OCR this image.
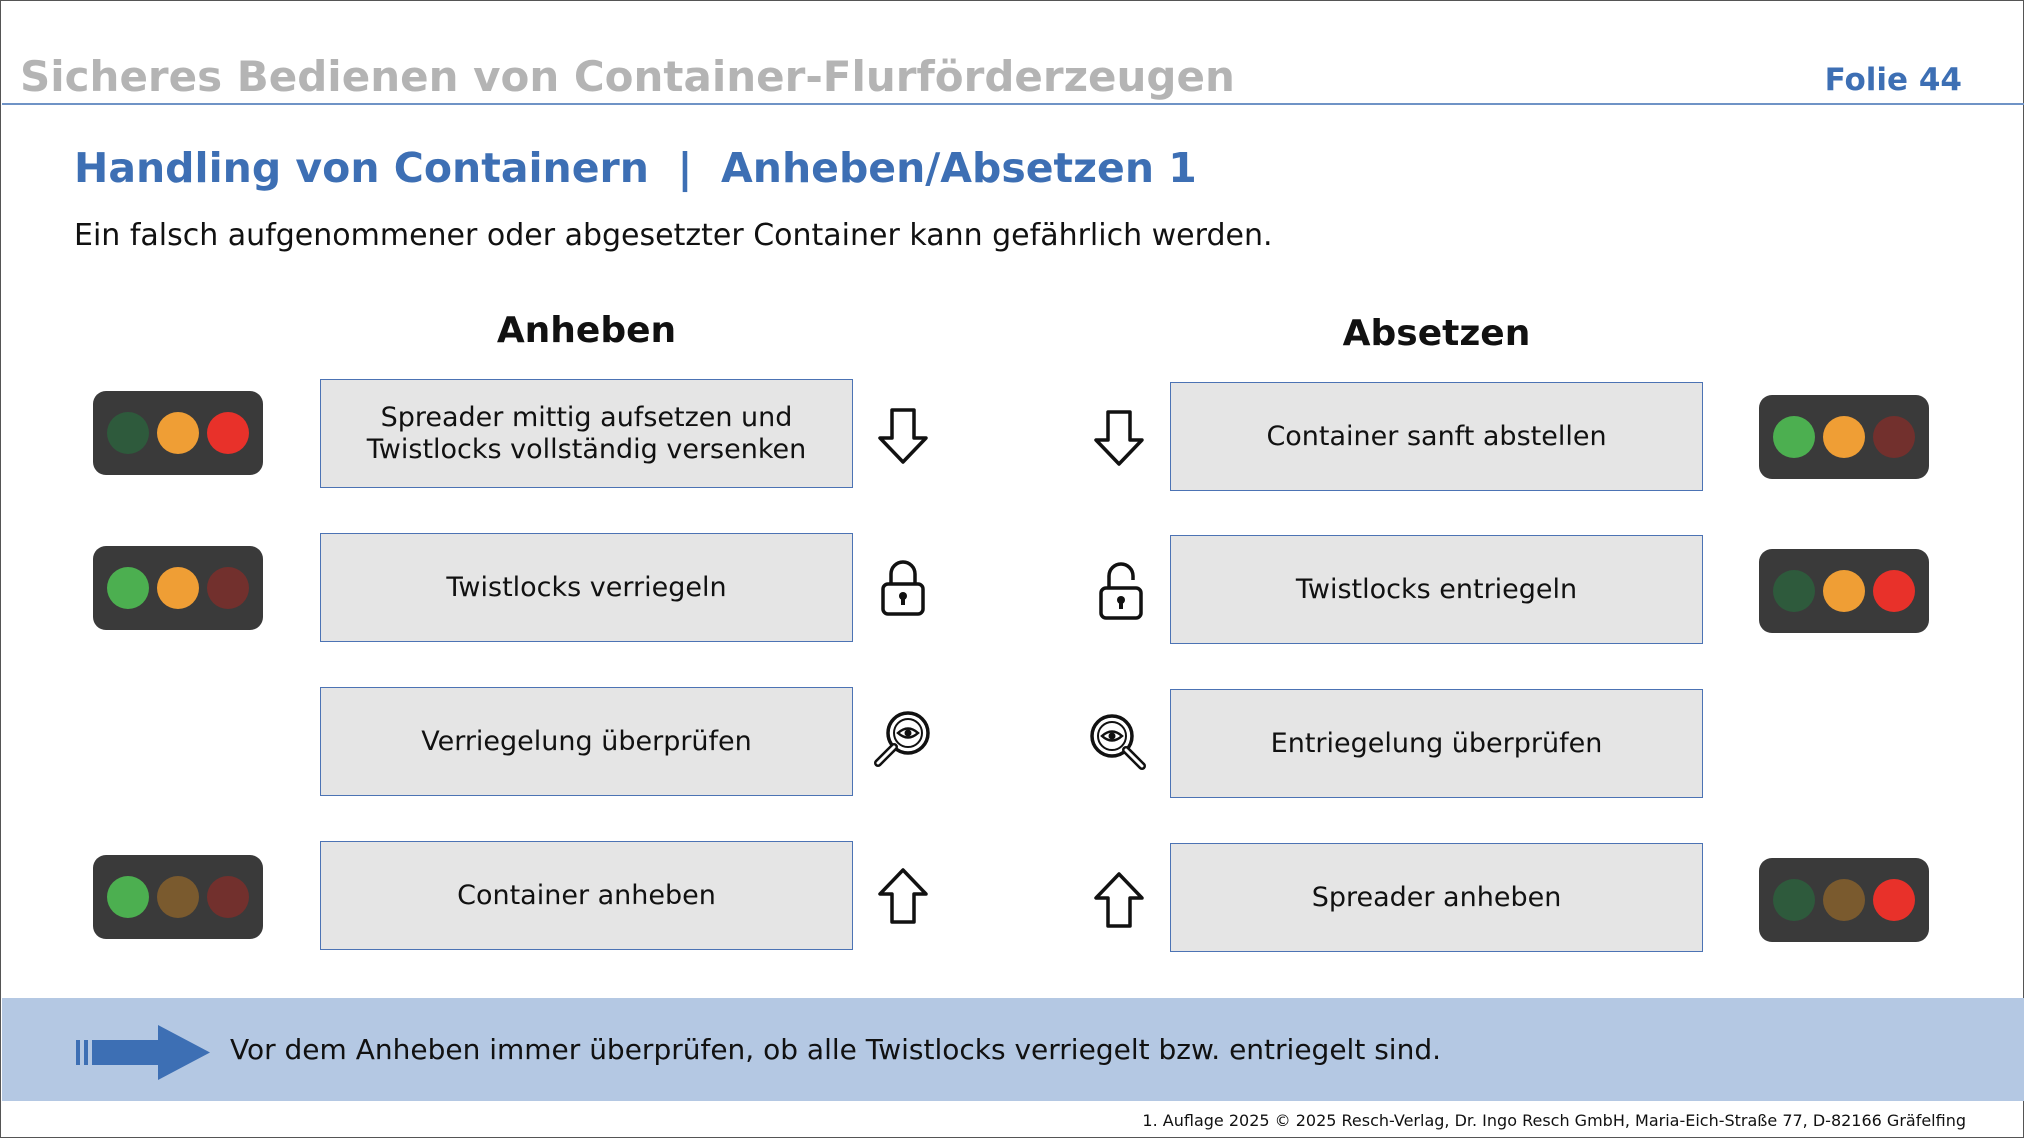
Sicheres Bedienen von Container-Flurförderzeugen	Folie 44
Handling von Containern  |  Anheben/Absetzen 1
Ein falsch aufgenommener oder abgesetzter Container kann gefährlich werden.
Anheben	Absetzen
Spreader mittig aufsetzen und
Twistlocks vollständig versenken
Twistlocks verriegeln
Verriegelung überprüfen
Container anheben
Container sanft abstellen
Twistlocks entriegeln
Entriegelung überprüfen
Spreader anheben
Vor dem Anheben immer überprüfen, ob alle Twistlocks verriegelt bzw. entriegelt sind.
1. Auflage 2025 © 2025 Resch-Verlag, Dr. Ingo Resch GmbH, Maria-Eich-Straße 77, D-82166 Gräfelfing
